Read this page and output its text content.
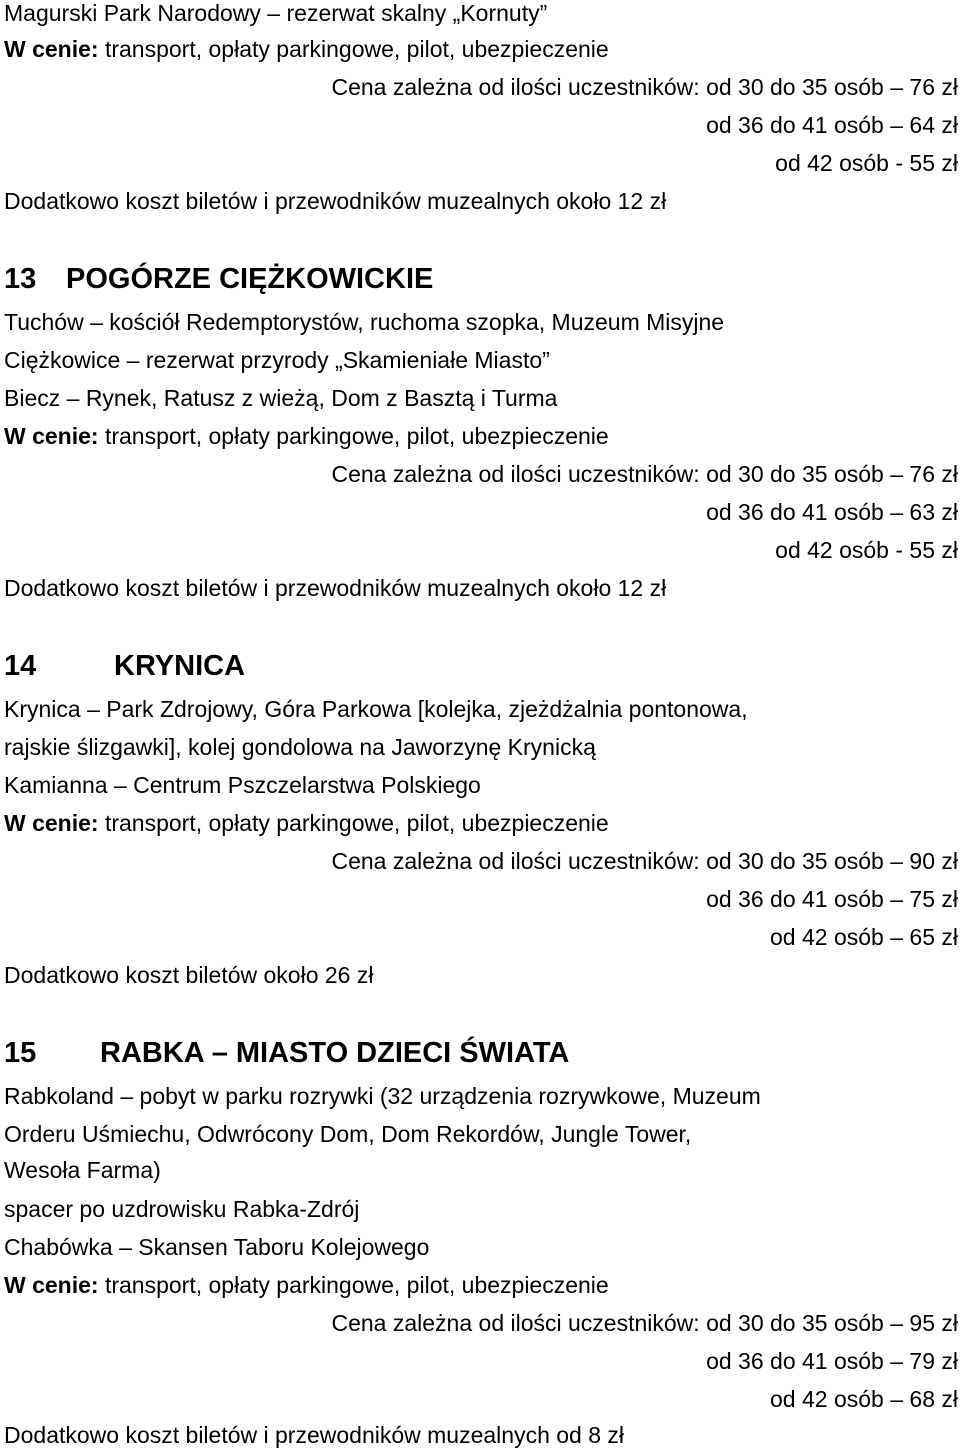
Magurski Park Narodowy – rezerwat skalny „Kornuty”
W cenie: transport, opłaty parkingowe, pilot, ubezpieczenie
Cena zależna od ilości uczestników: od 30 do 35 osób – 76 zł
od 36 do 41 osób – 64 zł
od 42 osób - 55 zł
Dodatkowo koszt biletów i przewodników muzealnych około 12 zł
13 POGÓRZE CIĘŻKOWICKIE
Tuchów – kościół Redemptorystów, ruchoma szopka, Muzeum Misyjne
Ciężkowice – rezerwat przyrody „Skamieniałe Miasto”
Biecz – Rynek, Ratusz z wieżą, Dom z Basztą i Turma
W cenie: transport, opłaty parkingowe, pilot, ubezpieczenie
Cena zależna od ilości uczestników: od 30 do 35 osób – 76 zł
od 36 do 41 osób – 63 zł
od 42 osób - 55 zł
Dodatkowo koszt biletów i przewodników muzealnych około 12 zł
14	KRYNICA
Krynica – Park Zdrojowy, Góra Parkowa [kolejka, zjeżdżalnia pontonowa,
rajskie ślizgawki], kolej gondolowa na Jaworzynę Krynicką
Kamianna – Centrum Pszczelarstwa Polskiego
W cenie: transport, opłaty parkingowe, pilot, ubezpieczenie
Cena zależna od ilości uczestników: od 30 do 35 osób – 90 zł
od 36 do 41 osób – 75 zł
od 42 osób – 65 zł
Dodatkowo koszt biletów około 26 zł
15 RABKA – MIASTO DZIECI ŚWIATA
Rabkoland – pobyt w parku rozrywki (32 urządzenia rozrywkowe, Muzeum
Orderu Uśmiechu, Odwrócony Dom, Dom Rekordów, Jungle Tower,
Wesoła Farma)
spacer po uzdrowisku Rabka-Zdrój
Chabówka – Skansen Taboru Kolejowego
W cenie: transport, opłaty parkingowe, pilot, ubezpieczenie
Cena zależna od ilości uczestników: od 30 do 35 osób – 95 zł
od 36 do 41 osób – 79 zł
od 42 osób – 68 zł
Dodatkowo koszt biletów i przewodników muzealnych od 8 zł
